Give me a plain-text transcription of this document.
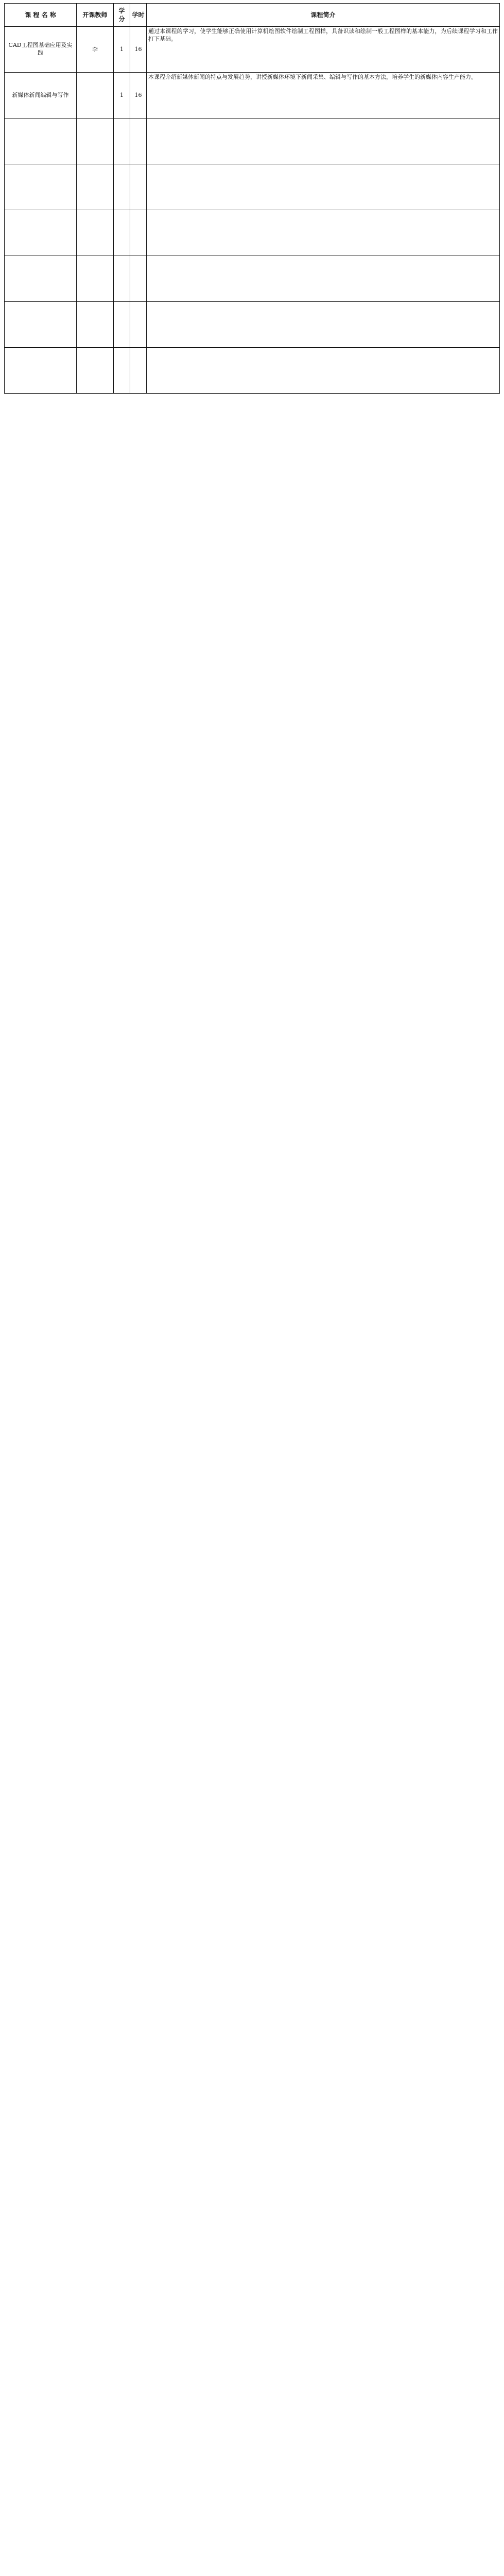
课 程 名 称	开课教师	学 分	学时	课程简介
CAD工程图基础应用及实践	李	1	16	通过本课程的学习，使学生能够正确使用计算机绘图软件绘制工程图样，具备识读和绘制一般工程图样的基本能力，为后续课程学习和工作打下基础。
新媒体新闻编辑与写作		1	16	本课程介绍新媒体新闻的特点与发展趋势，讲授新媒体环境下新闻采集、编辑与写作的基本方法，培养学生的新媒体内容生产能力。
